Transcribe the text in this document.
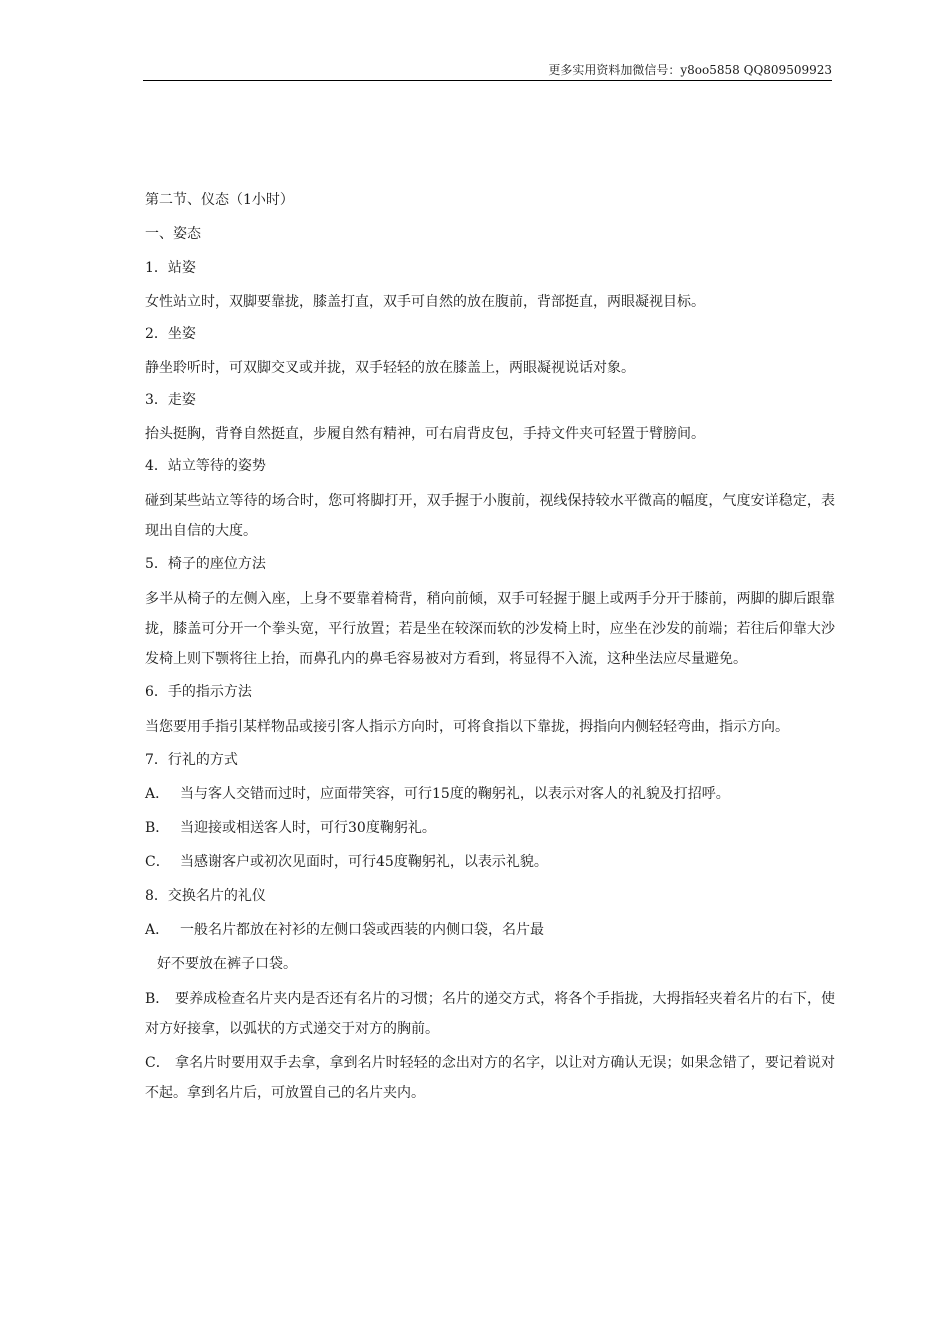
更多实用资料加微信号：y8oo5858 QQ809509923
第二节、仪态（1小时）
一、姿态
1．站姿
女性站立时，双脚要靠拢，膝盖打直，双手可自然的放在腹前，背部挺直，两眼凝视目标。
2．坐姿
静坐聆听时，可双脚交叉或并拢，双手轻轻的放在膝盖上，两眼凝视说话对象。
3．走姿
抬头挺胸，背脊自然挺直，步履自然有精神，可右肩背皮包，手持文件夹可轻置于臂膀间。
4．站立等待的姿势
碰到某些站立等待的场合时，您可将脚打开，双手握于小腹前，视线保持较水平微高的幅度，气度安详稳定，表现出自信的大度。
5．椅子的座位方法
多半从椅子的左侧入座，上身不要靠着椅背，稍向前倾，双手可轻握于腿上或两手分开于膝前，两脚的脚后跟靠拢，膝盖可分开一个拳头宽，平行放置；若是坐在较深而软的沙发椅上时，应坐在沙发的前端；若往后仰靠大沙发椅上则下颚将往上抬，而鼻孔内的鼻毛容易被对方看到，将显得不入流，这种坐法应尽量避免。
6．手的指示方法
当您要用手指引某样物品或接引客人指示方向时，可将食指以下靠拢，拇指向内侧轻轻弯曲，指示方向。
7．行礼的方式
A． 当与客人交错而过时，应面带笑容，可行15度的鞠躬礼，以表示对客人的礼貌及打招呼。
B． 当迎接或相送客人时，可行30度鞠躬礼。
C． 当感谢客户或初次见面时，可行45度鞠躬礼，以表示礼貌。
8．交换名片的礼仪
A． 一般名片都放在衬衫的左侧口袋或西装的内侧口袋，名片最
好不要放在裤子口袋。
B． 要养成检查名片夹内是否还有名片的习惯；名片的递交方式，将各个手指拢，大拇指轻夹着名片的右下，使对方好接拿，以弧状的方式递交于对方的胸前。
C． 拿名片时要用双手去拿，拿到名片时轻轻的念出对方的名字，以让对方确认无误；如果念错了，要记着说对不起。拿到名片后，可放置自己的名片夹内。
